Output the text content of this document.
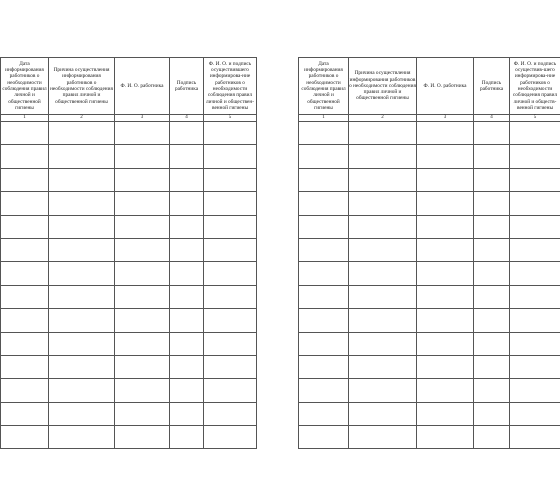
Дата информирования работников о необходимости соблюдения правил личной и общественной гигиены	Причина осуществления информирования работников о необходимости соблюдения правил личной и общественной гигиены	Ф. И. О. работника	Подпись работника	Ф. И. О. и подпись осуществившего информирова-ние работников о необходимости соблюдения правил личной и обществен-венной гигиены
1	2	3	4	5

Дата информирования работников о необходимости соблюдения правил личной и общественной гигиены	Причина осуществления информирования работников о необходимости соблюдения правил личной и общественной гигиены	Ф. И. О. работника	Подпись работника	Ф. И. О. и подпись осуществив-шего информирова-ние работников о необходимости соблюдения правил личной и обществ-венной гигиены
1	2	3	4	5
